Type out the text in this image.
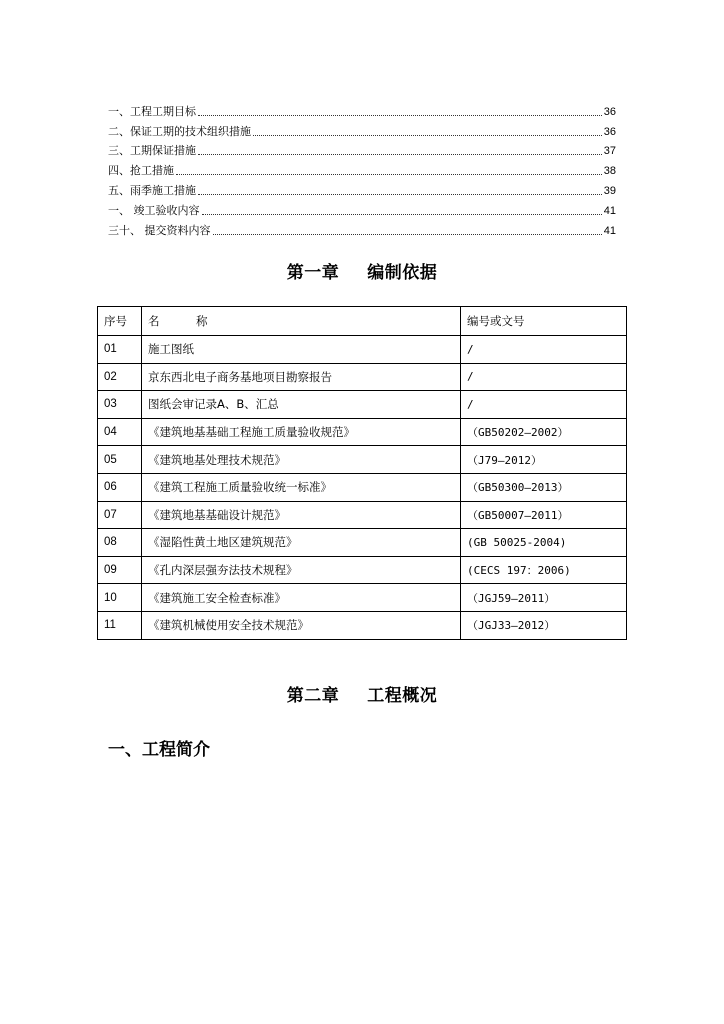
一、工程工期目标	36
二、保证工期的技术组织措施	36
三、工期保证措施	37
四、抢工措施	38
五、雨季施工措施	39
一、 竣工验收内容	41
三十、 提交资料内容	41
第一章 编制依据
序号	名          称	编号或文号
01	施工图纸	/
02	京东西北电子商务基地项目勘察报告	/
03	图纸会审记录A、B、汇总	/
04	《建筑地基基础工程施工质量验收规范》	（GB50202—2002）
05	《建筑地基处理技术规范》	（J79—2012）
06	《建筑工程施工质量验收统一标准》	（GB50300—2013）
07	《建筑地基基础设计规范》	（GB50007—2011）
08	《湿陷性黄土地区建筑规范》	(GB 50025-2004)
09	《孔内深层强夯法技术规程》	(CECS 197：2006)
10	《建筑施工安全检查标准》	（JGJ59—2011）
11	《建筑机械使用安全技术规范》	（JGJ33—2012）
第二章 工程概况
一、工程简介
